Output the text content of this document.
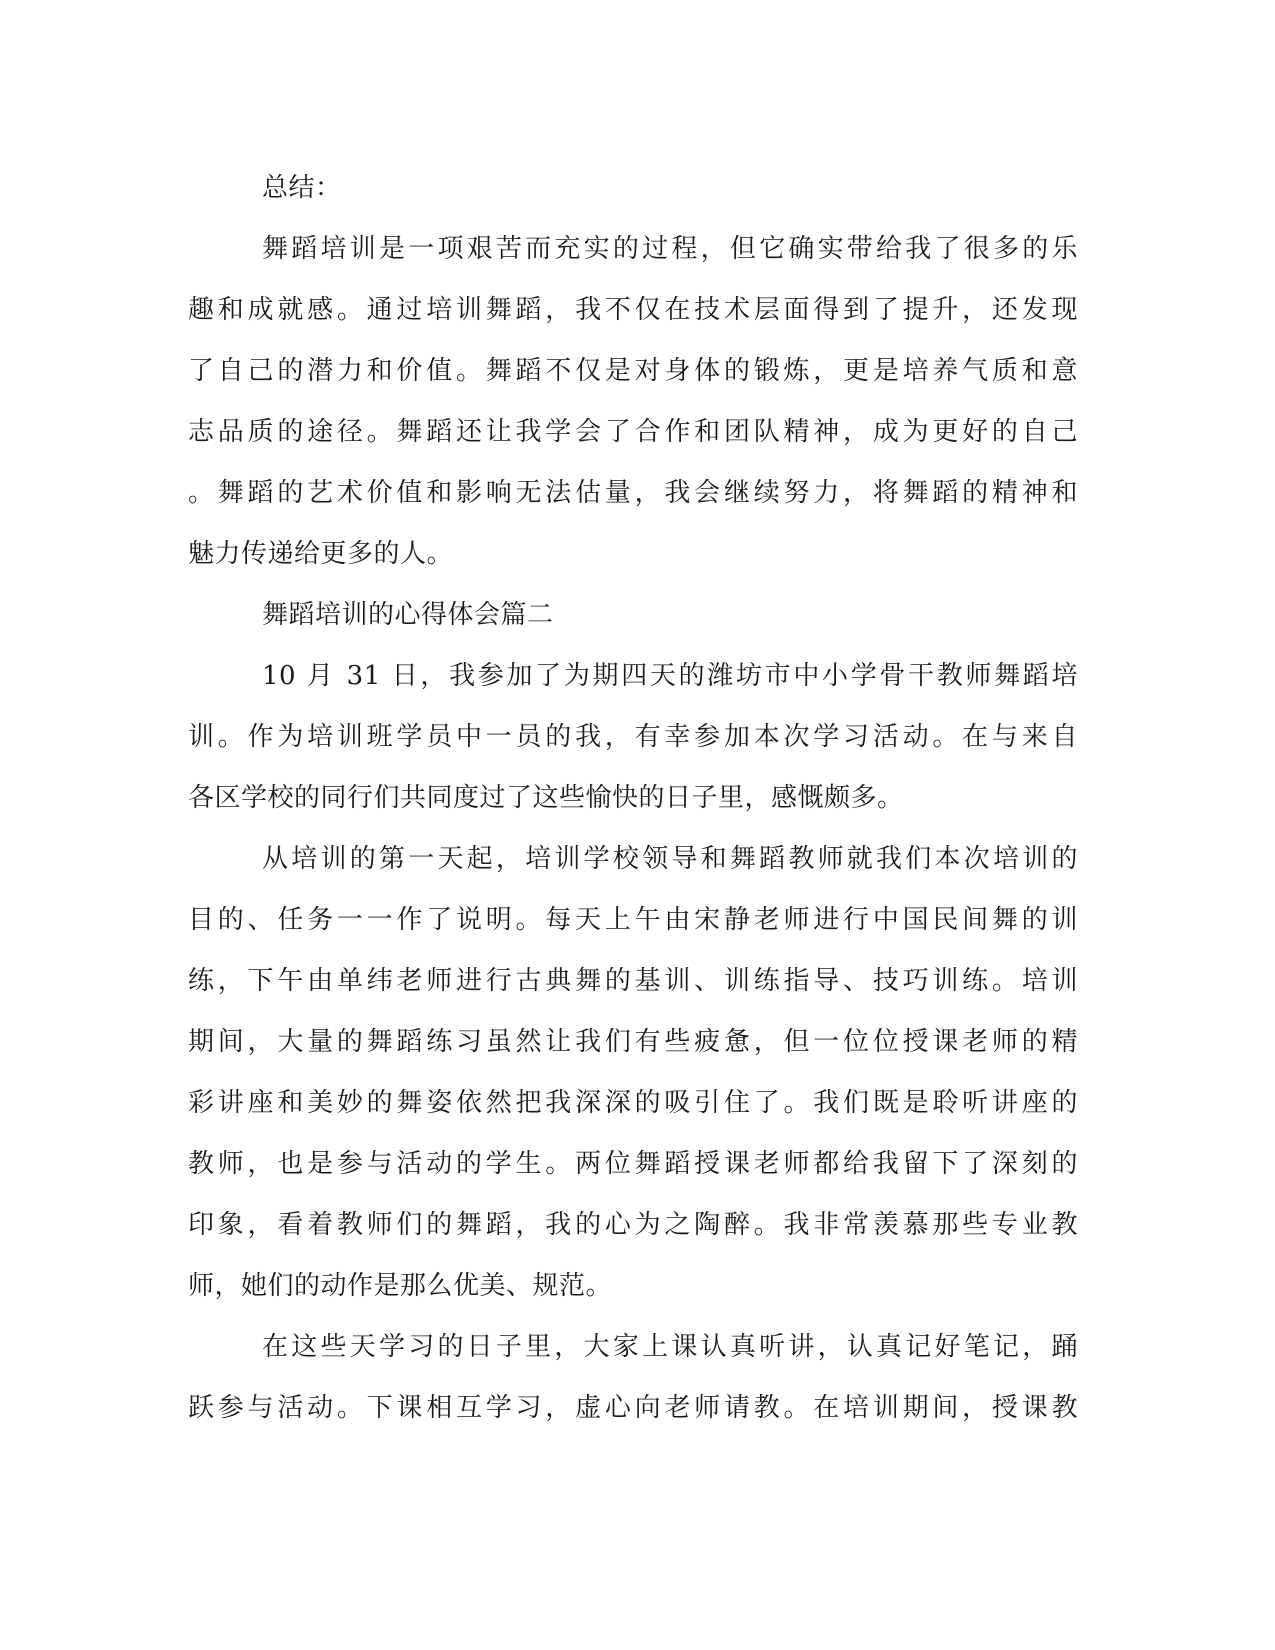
总结：
舞蹈培训是一项艰苦而充实的过程，但它确实带给我了很多的乐
趣和成就感。通过培训舞蹈，我不仅在技术层面得到了提升，还发现
了自己的潜力和价值。舞蹈不仅是对身体的锻炼，更是培养气质和意
志品质的途径。舞蹈还让我学会了合作和团队精神，成为更好的自己
。舞蹈的艺术价值和影响无法估量，我会继续努力，将舞蹈的精神和
魅力传递给更多的人。
舞蹈培训的心得体会篇二
10 月 31 日，我参加了为期四天的潍坊市中小学骨干教师舞蹈培
训。作为培训班学员中一员的我，有幸参加本次学习活动。在与来自
各区学校的同行们共同度过了这些愉快的日子里，感慨颇多。
从培训的第一天起，培训学校领导和舞蹈教师就我们本次培训的
目的、任务一一作了说明。每天上午由宋静老师进行中国民间舞的训
练，下午由单纬老师进行古典舞的基训、训练指导、技巧训练。培训
期间，大量的舞蹈练习虽然让我们有些疲惫，但一位位授课老师的精
彩讲座和美妙的舞姿依然把我深深的吸引住了。我们既是聆听讲座的
教师，也是参与活动的学生。两位舞蹈授课老师都给我留下了深刻的
印象，看着教师们的舞蹈，我的心为之陶醉。我非常羡慕那些专业教
师，她们的动作是那么优美、规范。
在这些天学习的日子里，大家上课认真听讲，认真记好笔记，踊
跃参与活动。下课相互学习，虚心向老师请教。在培训期间，授课教
